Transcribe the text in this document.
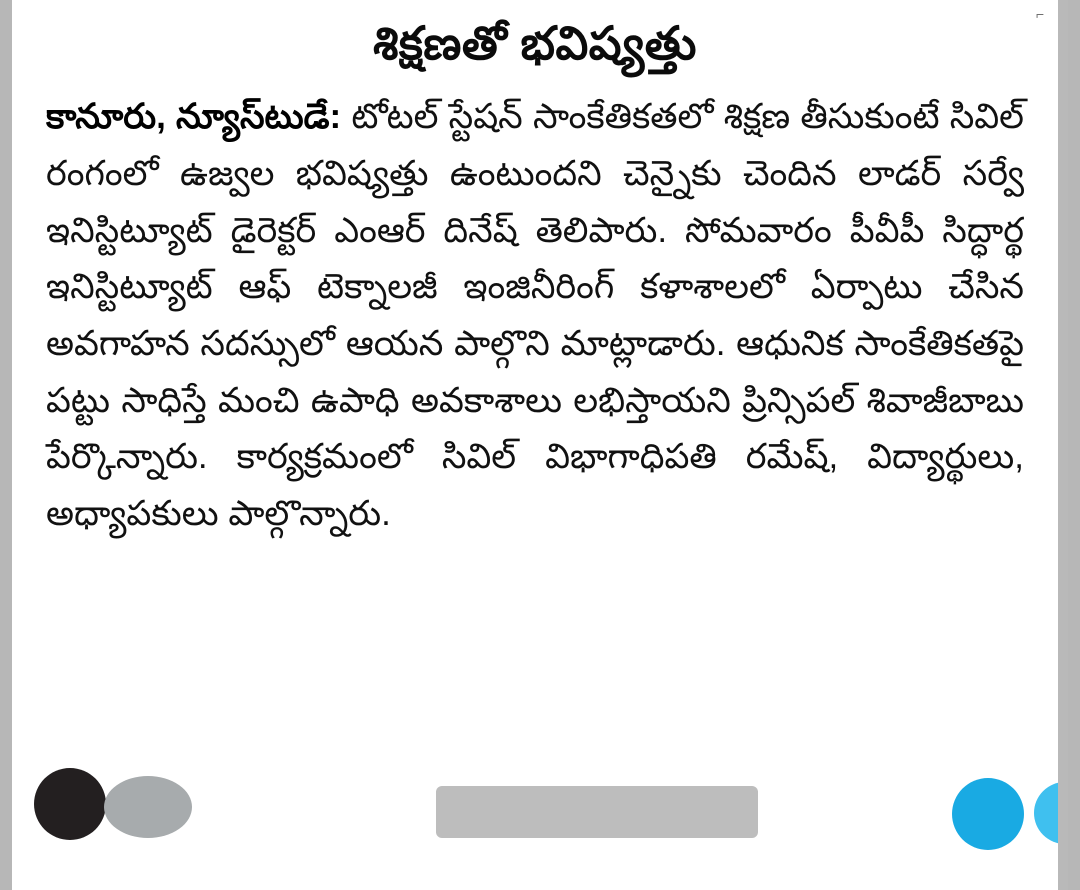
శిక్షణతో భవిష్యత్తు

కానూరు, న్యూస్‌టుడే: టోటల్ స్టేషన్ సాంకేతికతలో శిక్షణ తీసుకుంటే సివిల్ రంగంలో ఉజ్వల భవిష్యత్తు ఉంటుందని చెన్నైకు చెందిన లాడర్ సర్వే ఇనిస్టిట్యూట్ డైరెక్టర్ ఎంఆర్ దినేష్ తెలిపారు. సోమవారం పీవీపీ సిద్ధార్థ ఇనిస్టిట్యూట్ ఆఫ్ టెక్నాలజీ ఇంజినీరింగ్ కళాశాలలో ఏర్పాటు చేసిన అవగాహన సదస్సులో ఆయన పాల్గొని మాట్లాడారు. ఆధునిక సాంకేతికతపై పట్టు సాధిస్తే మంచి ఉపాధి అవకాశాలు లభిస్తాయని ప్రిన్సిపల్ శివాజీబాబు పేర్కొన్నారు. కార్యక్రమంలో సివిల్ విభాగాధిపతి రమేష్, విద్యార్థులు, అధ్యాపకులు పాల్గొన్నారు.

⌐
